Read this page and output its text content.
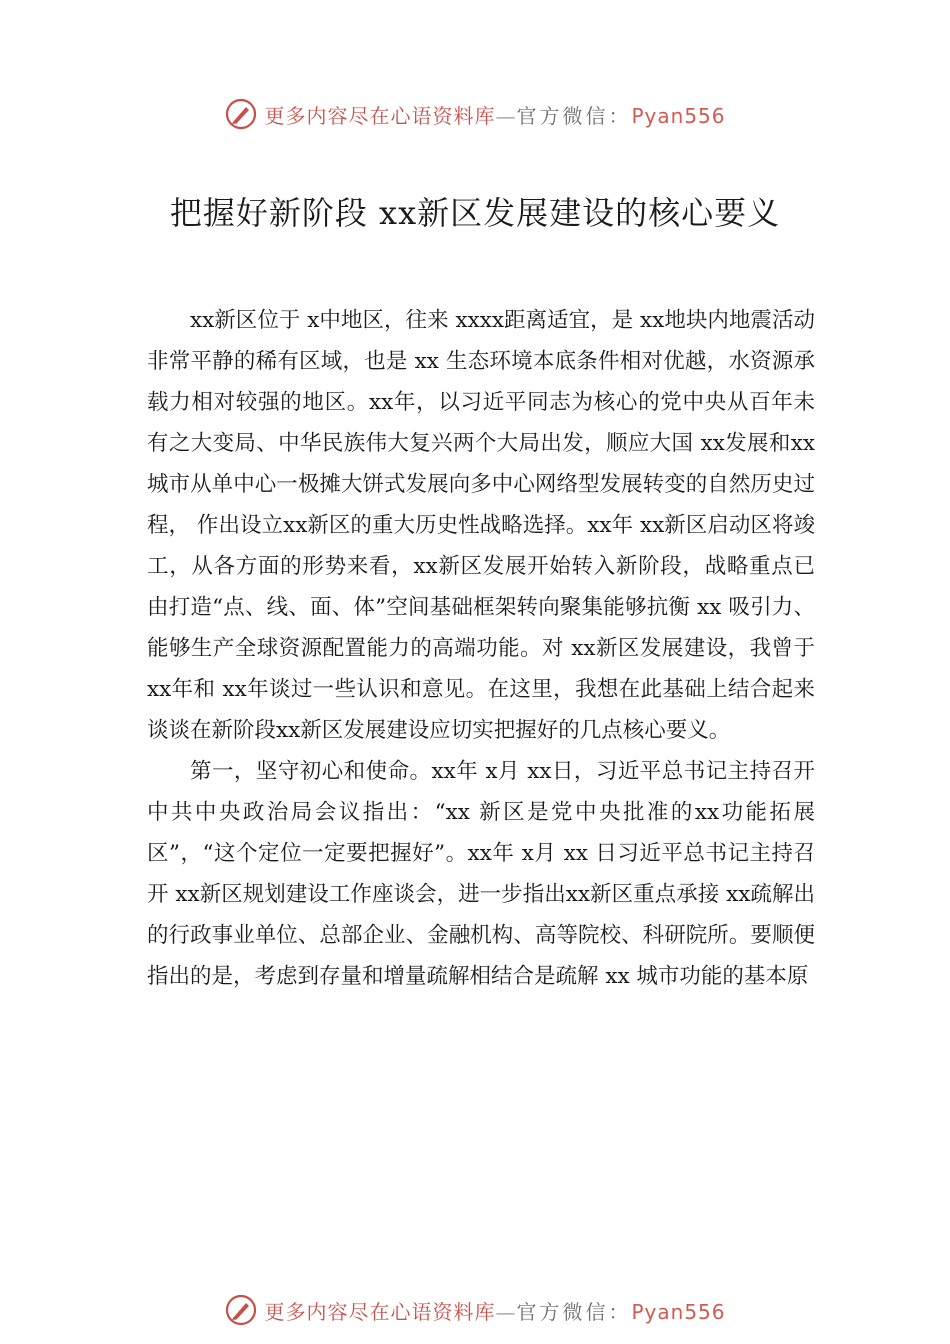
更多内容尽在心语资料库—官方微信：Pyan556
把握好新阶段 xx新区发展建设的核心要义

xx新区位于 x中地区，往来 xxxx距离适宜，是 xx地块内地震活动非常平静的稀有区域，也是 xx 生态环境本底条件相对优越，水资源承载力相对较强的地区。xx年，以习近平同志为核心的党中央从百年未有之大变局、中华民族伟大复兴两个大局出发，顺应大国 xx发展和xx城市从单中心一极摊大饼式发展向多中心网络型发展转变的自然历史过程， 作出设立xx新区的重大历史性战略选择。xx年 xx新区启动区将竣工，从各方面的形势来看，xx新区发展开始转入新阶段，战略重点已由打造“点、线、面、体”空间基础框架转向聚集能够抗衡 xx 吸引力、能够生产全球资源配置能力的高端功能。对 xx新区发展建设，我曾于 xx年和 xx年谈过一些认识和意见。在这里，我想在此基础上结合起来谈谈在新阶段xx新区发展建设应切实把握好的几点核心要义。

第一，坚守初心和使命。xx年 x月 xx日，习近平总书记主持召开中共中央政治局会议指出：“xx 新区是党中央批准的xx功能拓展区”，“这个定位一定要把握好”。xx年 x月 xx 日习近平总书记主持召开 xx新区规划建设工作座谈会，进一步指出xx新区重点承接 xx疏解出的行政事业单位、总部企业、金融机构、高等院校、科研院所。要顺便指出的是，考虑到存量和增量疏解相结合是疏解 xx 城市功能的基本原

更多内容尽在心语资料库—官方微信：Pyan556
